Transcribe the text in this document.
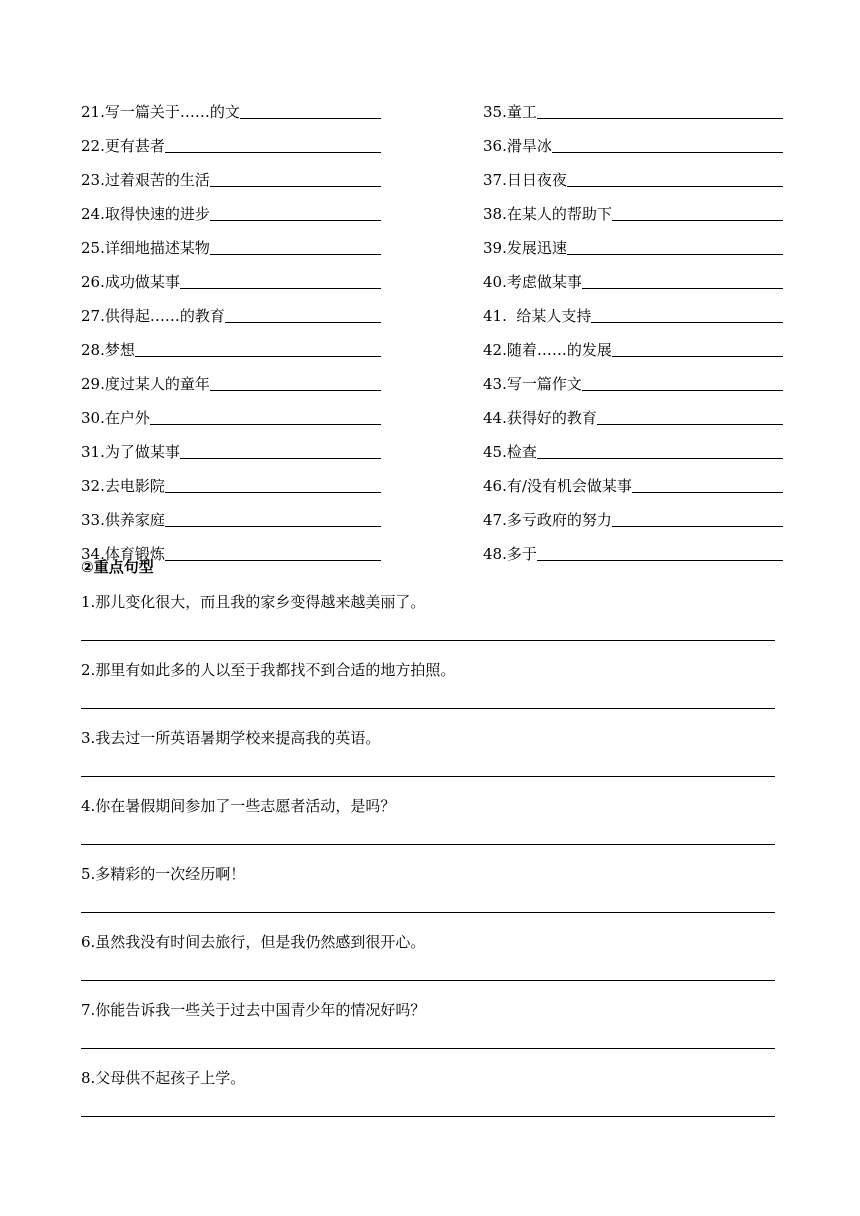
21.写一篇关于……的文
22.更有甚者
23.过着艰苦的生活
24.取得快速的进步
25.详细地描述某物
26.成功做某事
27.供得起……的教育
28.梦想
29.度过某人的童年
30.在户外
31.为了做某事
32.去电影院
33.供养家庭
34.体育锻炼
35.童工
36.滑旱冰
37.日日夜夜
38.在某人的帮助下
39.发展迅速
40.考虑做某事
41.  给某人支持
42.随着……的发展
43.写一篇作文
44.获得好的教育
45.检查
46.有/没有机会做某事
47.多亏政府的努力
48.多于
②重点句型
1.那儿变化很大，而且我的家乡变得越来越美丽了。
2.那里有如此多的人以至于我都找不到合适的地方拍照。
3.我去过一所英语暑期学校来提高我的英语。
4.你在暑假期间参加了一些志愿者活动，是吗？
5.多精彩的一次经历啊！
6.虽然我没有时间去旅行，但是我仍然感到很开心。
7.你能告诉我一些关于过去中国青少年的情况好吗？
8.父母供不起孩子上学。
